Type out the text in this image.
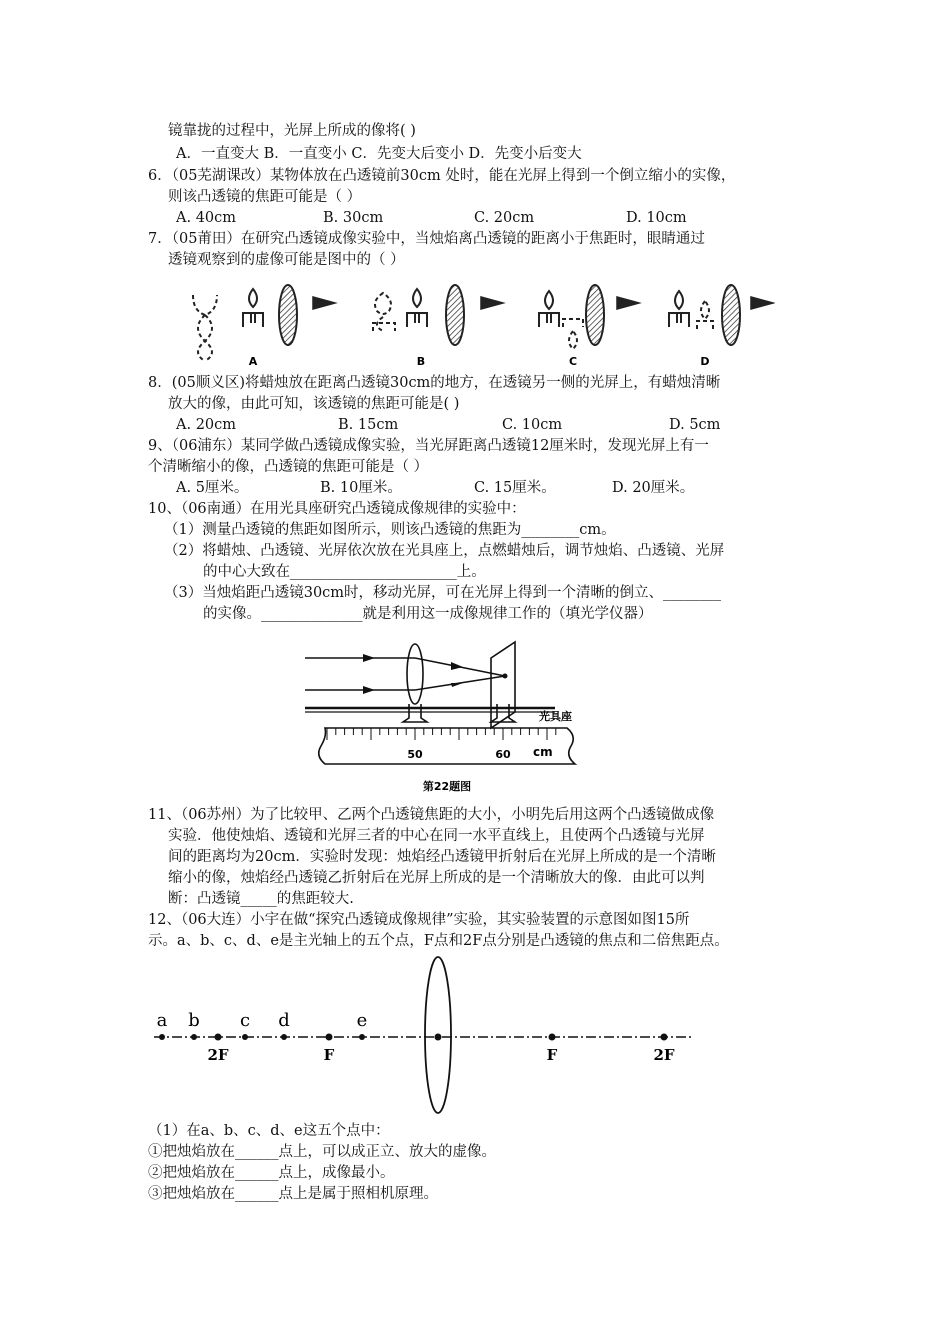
镜靠拢的过程中，光屏上所成的像将( )
A．一直变大 B．一直变小 C．先变大后变小 D．先变小后变大
6．（05芜湖课改）某物体放在凸透镜前30cm 处时，能在光屏上得到一个倒立缩小的实像，
则该凸透镜的焦距可能是（ ）
A. 40cm	B. 30cm	C. 20cm	D. 10cm
7．（05莆田）在研究凸透镜成像实验中，当烛焰离凸透镜的距离小于焦距时，眼睛通过
透镜观察到的虚像可能是图中的（ ）
A	B	C	D
8．(05顺义区)将蜡烛放在距离凸透镜30cm的地方，在透镜另一侧的光屏上，有蜡烛清晰
放大的像，由此可知，该透镜的焦距可能是( )
A. 20cm	B. 15cm	C. 10cm	D. 5cm
9、（06浦东）某同学做凸透镜成像实验，当光屏距离凸透镜12厘米时，发现光屏上有一
个清晰缩小的像，凸透镜的焦距可能是（ ）
A. 5厘米。	B. 10厘米。	C. 15厘米。	D. 20厘米。
10、（06南通）在用光具座研究凸透镜成像规律的实验中：
（1）测量凸透镜的焦距如图所示，则该凸透镜的焦距为________cm。
（2）将蜡烛、凸透镜、光屏依次放在光具座上，点燃蜡烛后，调节烛焰、凸透镜、光屏
的中心大致在_______________________上。
（3）当烛焰距凸透镜30cm时，移动光屏，可在光屏上得到一个清晰的倒立、________
的实像。______________就是利用这一成像规律工作的（填光学仪器）
光具座
50	60 cm
第22题图
11、（06苏州）为了比较甲、乙两个凸透镜焦距的大小，小明先后用这两个凸透镜做成像
实验．他使烛焰、透镜和光屏三者的中心在同一水平直线上，且使两个凸透镜与光屏
间的距离均为20cm．实验时发现：烛焰经凸透镜甲折射后在光屏上所成的是一个清晰
缩小的像，烛焰经凸透镜乙折射后在光屏上所成的是一个清晰放大的像．由此可以判
断：凸透镜_____的焦距较大.
12、（06大连）小宇在做“探究凸透镜成像规律”实验，其实验装置的示意图如图15所
示。a、b、c、d、e是主光轴上的五个点，F点和2F点分别是凸透镜的焦点和二倍焦距点。
a b c d	e
2F	F	F	2F
（1）在a、b、c、d、e这五个点中：
①把烛焰放在______点上，可以成正立、放大的虚像。
②把烛焰放在______点上，成像最小。
③把烛焰放在______点上是属于照相机原理。
